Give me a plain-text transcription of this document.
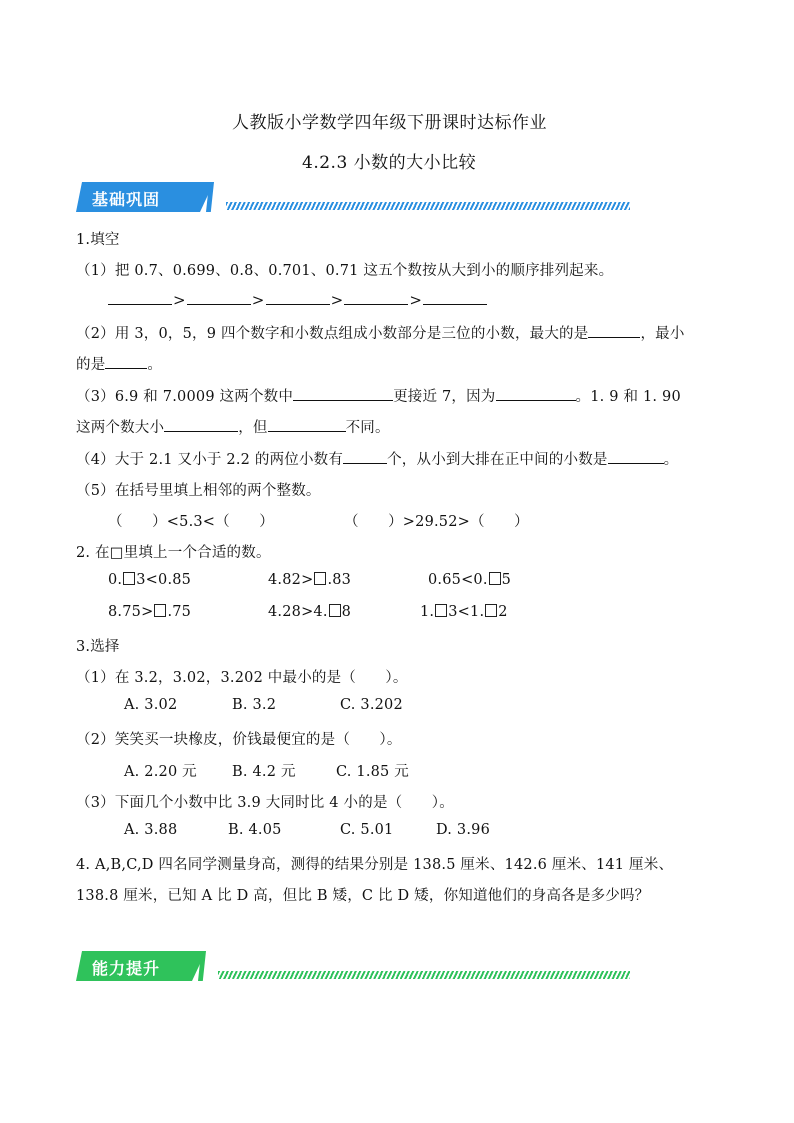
人教版小学数学四年级下册课时达标作业
4.2.3 小数的大小比较
基础巩固
1.填空
（1）把 0.7、0.699、0.8、0.701、0.71 这五个数按从大到小的顺序排列起来。
>	>	>	>
（2）用 3，0，5，9 四个数字和小数点组成小数部分是三位的小数，最大的是	，最小
的是	。
（3）6.9 和 7.0009 这两个数中	更接近 7，因为	。1. 9 和 1. 90
这两个数大小	，但	不同。
（4）大于 2.1 又小于 2.2 的两位小数有	个，从小到大排在正中间的小数是	。
（5）在括号里填上相邻的两个整数。
（　　）<5.3<（　　）	（　　）>29.52>（　　）
2. 在□里填上一个合适的数。
0. 3<0.85	4.82> .83	0.65<0. 5
8.75> .75	4.28>4. 8	1. 3<1. 2
3.选择
（1）在 3.2，3.02，3.202 中最小的是（　　）。
A. 3.02	B. 3.2	C. 3.202
（2）笑笑买一块橡皮，价钱最便宜的是（　　）。
A. 2.20 元 B. 4.2 元	C. 1.85 元
（3）下面几个小数中比 3.9 大同时比 4 小的是（　　）。
A. 3.88	B. 4.05	C. 5.01	D. 3.96
4. A,B,C,D 四名同学测量身高，测得的结果分别是 138.5 厘米、142.6 厘米、141 厘米、
138.8 厘米，已知 A 比 D 高，但比 B 矮，C 比 D 矮，你知道他们的身高各是多少吗？
能力提升
